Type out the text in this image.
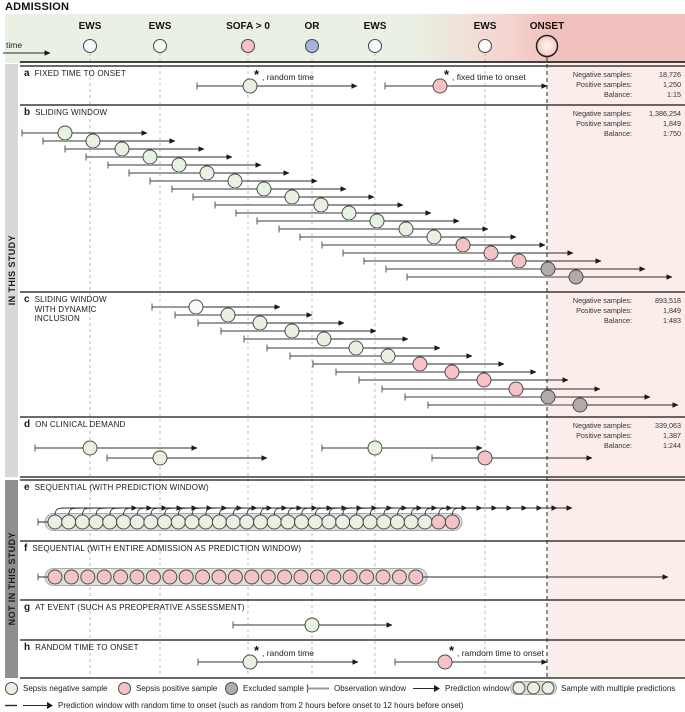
ADMISSION
EWS	EWS	SOFA > 0	OR	EWS	EWS	ONSET
time
IN THIS STUDY
NOT IN THIS STUDY
* , random time	* , fixed time to onset
* , random time	* , ramdom time to onset
a FIXED TIME TO ONSET
b SLIDING WINDOW
c SLIDING WINDOW WITH DYNAMIC INCLUSION
d ON CLINICAL DEMAND
e SEQUENTIAL (WITH PREDICTION WINDOW)
f SEQUENTIAL (WITH ENTIRE ADMISSION AS PREDICTION WINDOW)
g AT EVENT (SUCH AS PREOPERATIVE ASSESSMENT)
h RANDOM TIME TO ONSET
Negative samples:	18,726
Positive samples:	1,250
Balance:	1:15
Negative samples:	1,386,254
Positive samples:	1,849
Balance:	1:750
Negative samples:	893,518
Positive samples:	1,849
Balance:	1:483
Negative samples:	339,063
Positive samples:	1,387
Balance:	1:244
Sepsis negative sample	Sepsis positive sample	Excluded sample	Observation window	Prediction window	Sample with multiple predictions
Prediction window with random time to onset (such as random from 2 hours before onset to 12 hours before onset)
